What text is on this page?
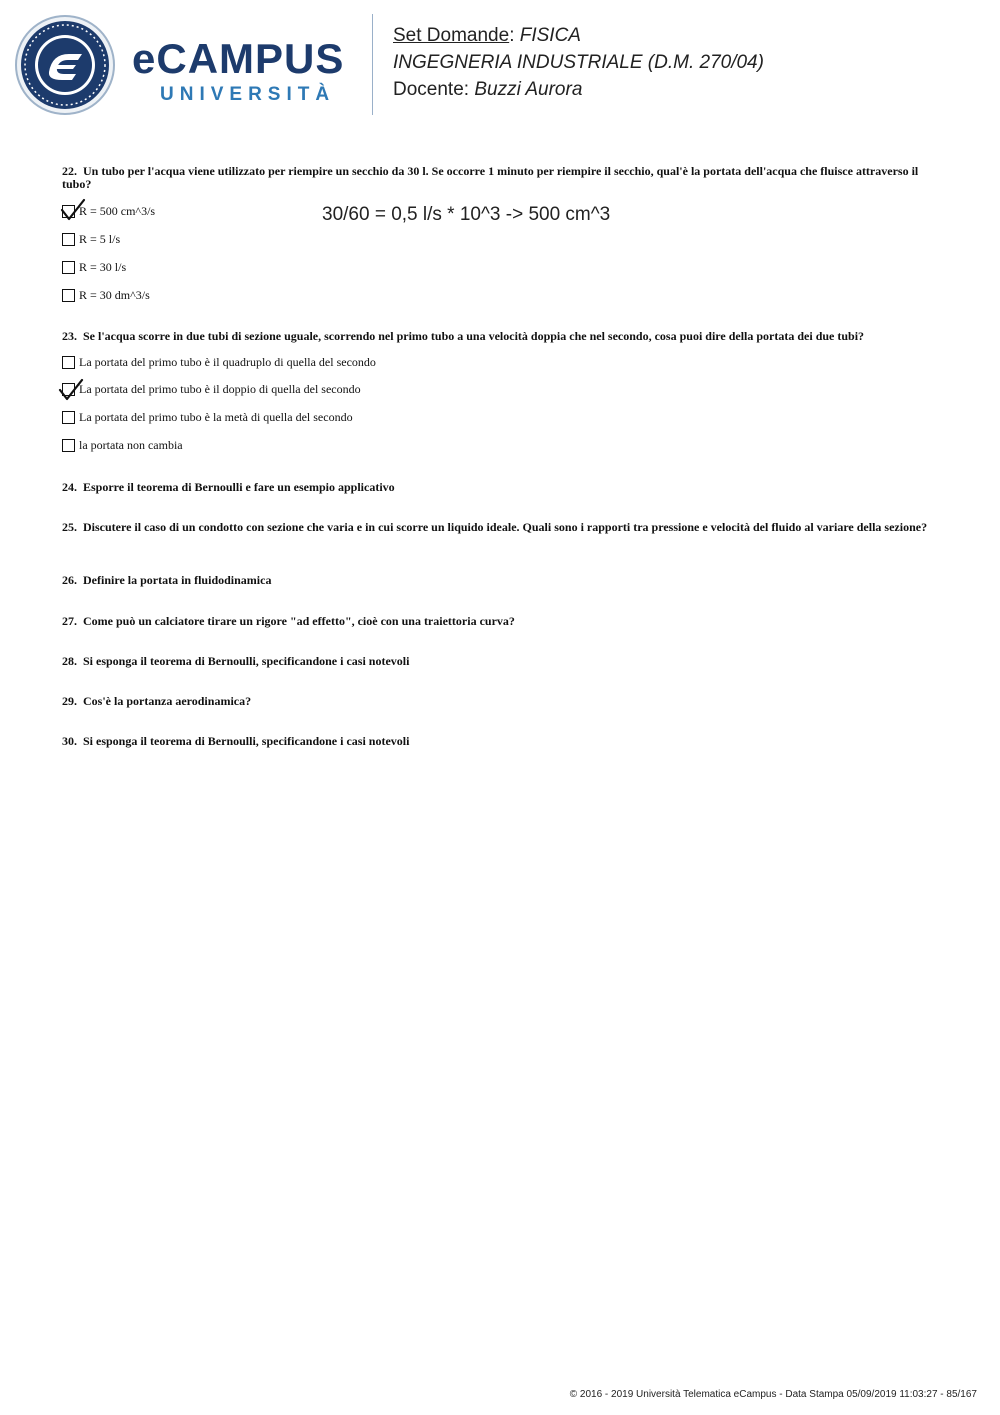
eCAMPUS
UNIVERSITÀ
Set Domande: FISICA
INGEGNERIA INDUSTRIALE (D.M. 270/04)
Docente: Buzzi Aurora
22. Un tubo per l'acqua viene utilizzato per riempire un secchio da 30 l. Se occorre 1 minuto per riempire il secchio, qual'è la portata dell'acqua che fluisce attraverso il tubo?
R = 500 cm^3/s
R = 5 l/s
R = 30 l/s
R = 30 dm^3/s
30/60 = 0,5 l/s * 10^3 -> 500 cm^3
23. Se l'acqua scorre in due tubi di sezione uguale, scorrendo nel primo tubo a una velocità doppia che nel secondo, cosa puoi dire della portata dei due tubi?
La portata del primo tubo è il quadruplo di quella del secondo
La portata del primo tubo è il doppio di quella del secondo
La portata del primo tubo è la metà di quella del secondo
la portata non cambia
24. Esporre il teorema di Bernoulli e fare un esempio applicativo
25. Discutere il caso di un condotto con sezione che varia e in cui scorre un liquido ideale. Quali sono i rapporti tra pressione e velocità del fluido al variare della sezione?
26. Definire la portata in fluidodinamica
27. Come può un calciatore tirare un rigore "ad effetto", cioè con una traiettoria curva?
28. Si esponga il teorema di Bernoulli, specificandone i casi notevoli
29. Cos'è la portanza aerodinamica?
30. Si esponga il teorema di Bernoulli, specificandone i casi notevoli
© 2016 - 2019 Università Telematica eCampus - Data Stampa 05/09/2019 11:03:27 - 85/167
